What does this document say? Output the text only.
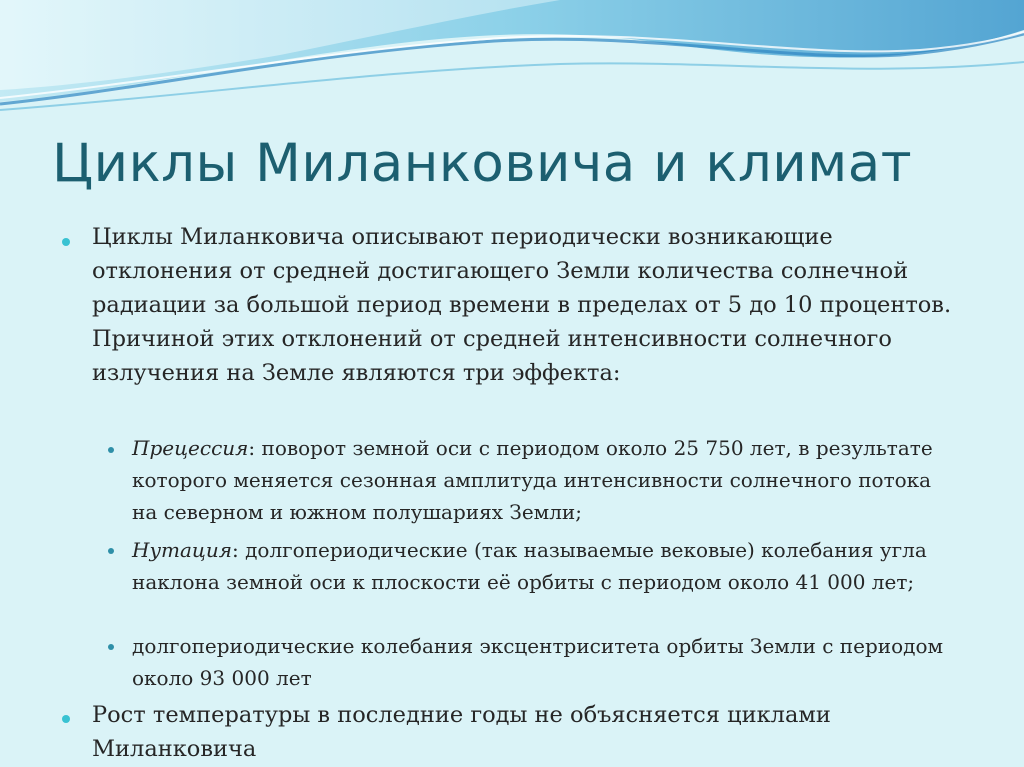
Циклы Миланковича и климат
Циклы Миланковича описывают периодически возникающие отклонения от средней достигающего Земли количества солнечной радиации за большой период времени в пределах от 5 до 10 процентов. Причиной этих отклонений от средней интенсивности солнечного излучения на Земле являются три эффекта:
Прецессия: поворот земной оси с периодом около 25 750 лет, в результате которого меняется сезонная амплитуда интенсивности солнечного потока на северном и южном полушариях Земли;
Нутация: долгопериодические (так называемые вековые) колебания угла наклона земной оси к плоскости её орбиты с периодом около 41 000 лет;
долгопериодические колебания эксцентриситета орбиты Земли с периодом около 93 000 лет
Рост температуры в последние годы не объясняется циклами Миланковича
